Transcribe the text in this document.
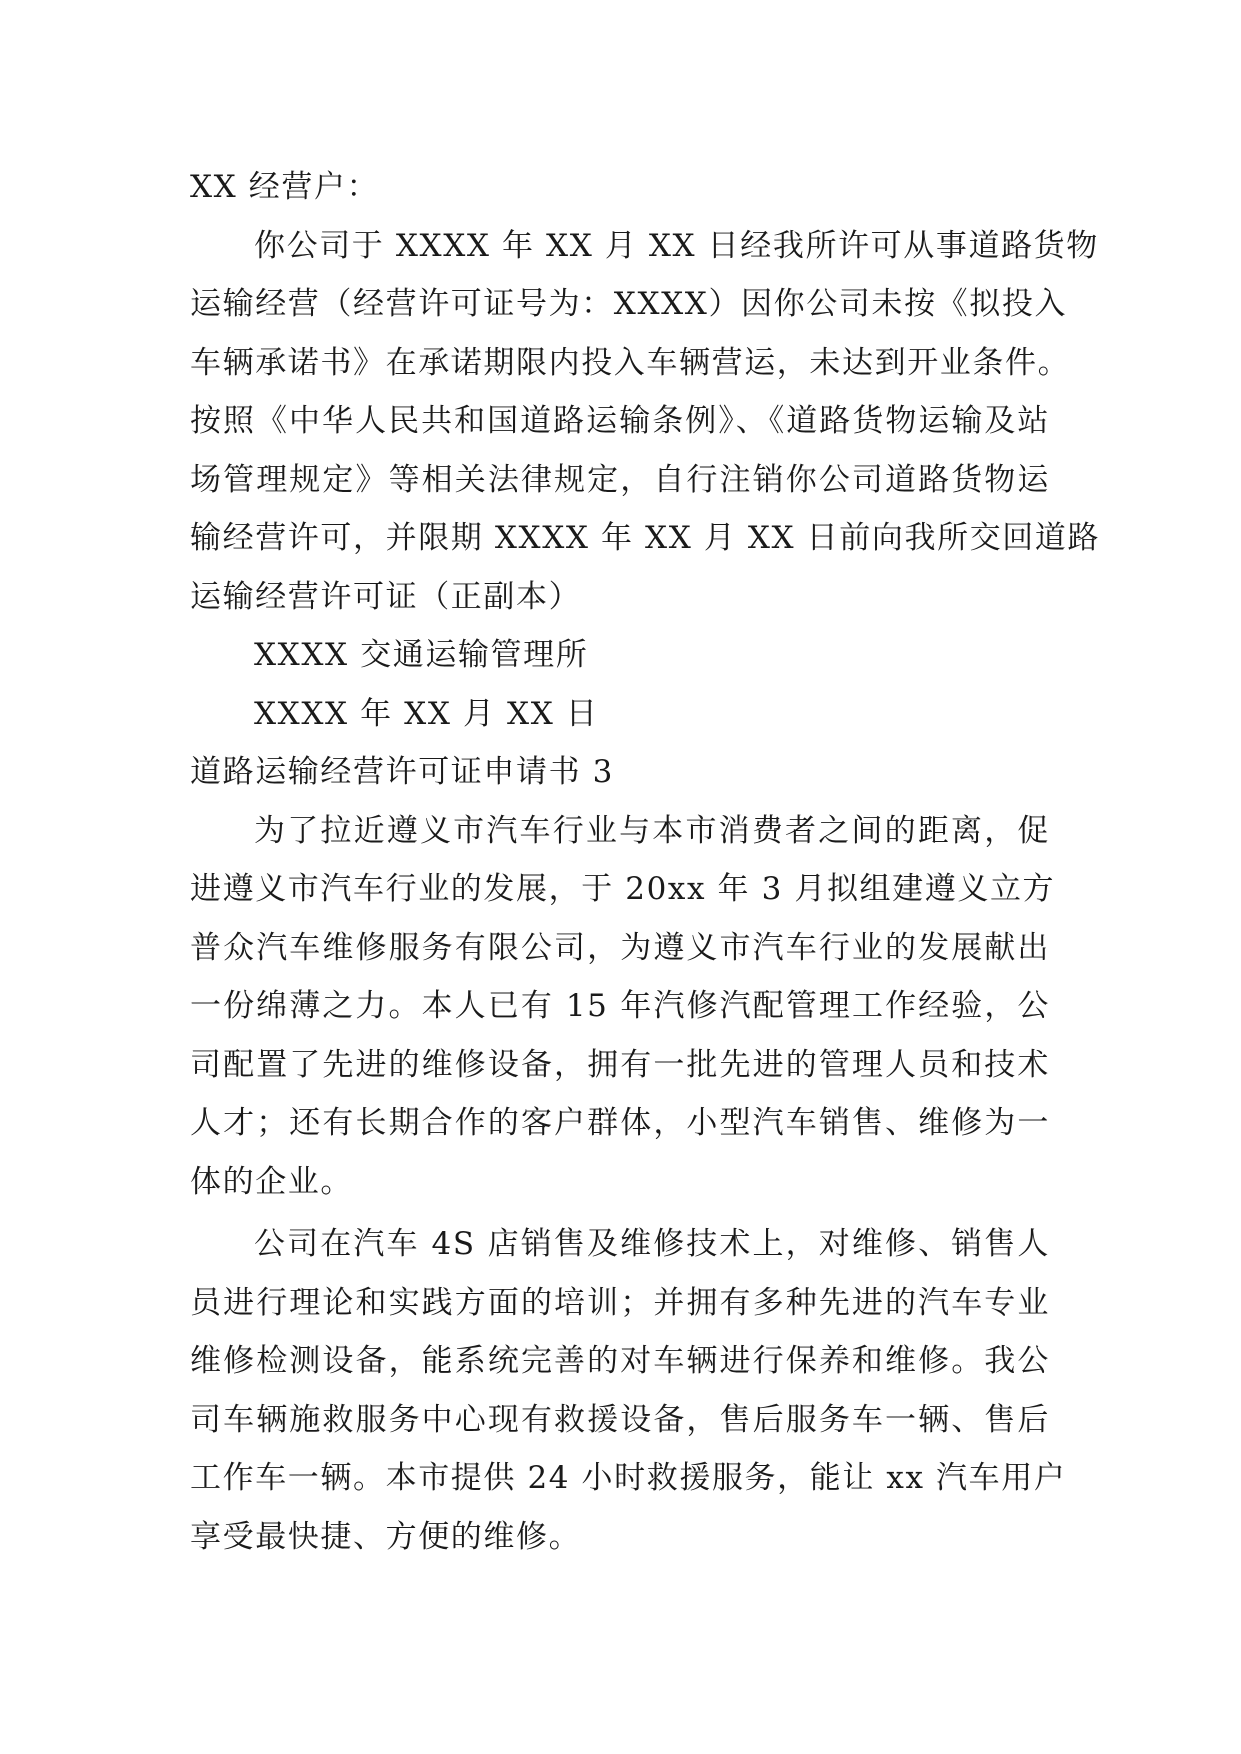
XX 经营户：
你公司于 XXXX 年 XX 月 XX 日经我所许可从事道路货物
运输经营（经营许可证号为：XXXX）因你公司未按《拟投入
车辆承诺书》在承诺期限内投入车辆营运，未达到开业条件。
按照《中华人民共和国道路运输条例》、《道路货物运输及站
场管理规定》等相关法律规定，自行注销你公司道路货物运
输经营许可，并限期 XXXX 年 XX 月 XX 日前向我所交回道路
运输经营许可证（正副本）
XXXX 交通运输管理所
XXXX 年 XX 月 XX 日
道路运输经营许可证申请书 3
为了拉近遵义市汽车行业与本市消费者之间的距离，促
进遵义市汽车行业的发展，于 20xx 年 3 月拟组建遵义立方
普众汽车维修服务有限公司，为遵义市汽车行业的发展献出
一份绵薄之力。本人已有 15 年汽修汽配管理工作经验，公
司配置了先进的维修设备，拥有一批先进的管理人员和技术
人才；还有长期合作的客户群体，小型汽车销售、维修为一
体的企业。
公司在汽车 4S 店销售及维修技术上，对维修、销售人
员进行理论和实践方面的培训；并拥有多种先进的汽车专业
维修检测设备，能系统完善的对车辆进行保养和维修。我公
司车辆施救服务中心现有救援设备，售后服务车一辆、售后
工作车一辆。本市提供 24 小时救援服务，能让 xx 汽车用户
享受最快捷、方便的维修。
